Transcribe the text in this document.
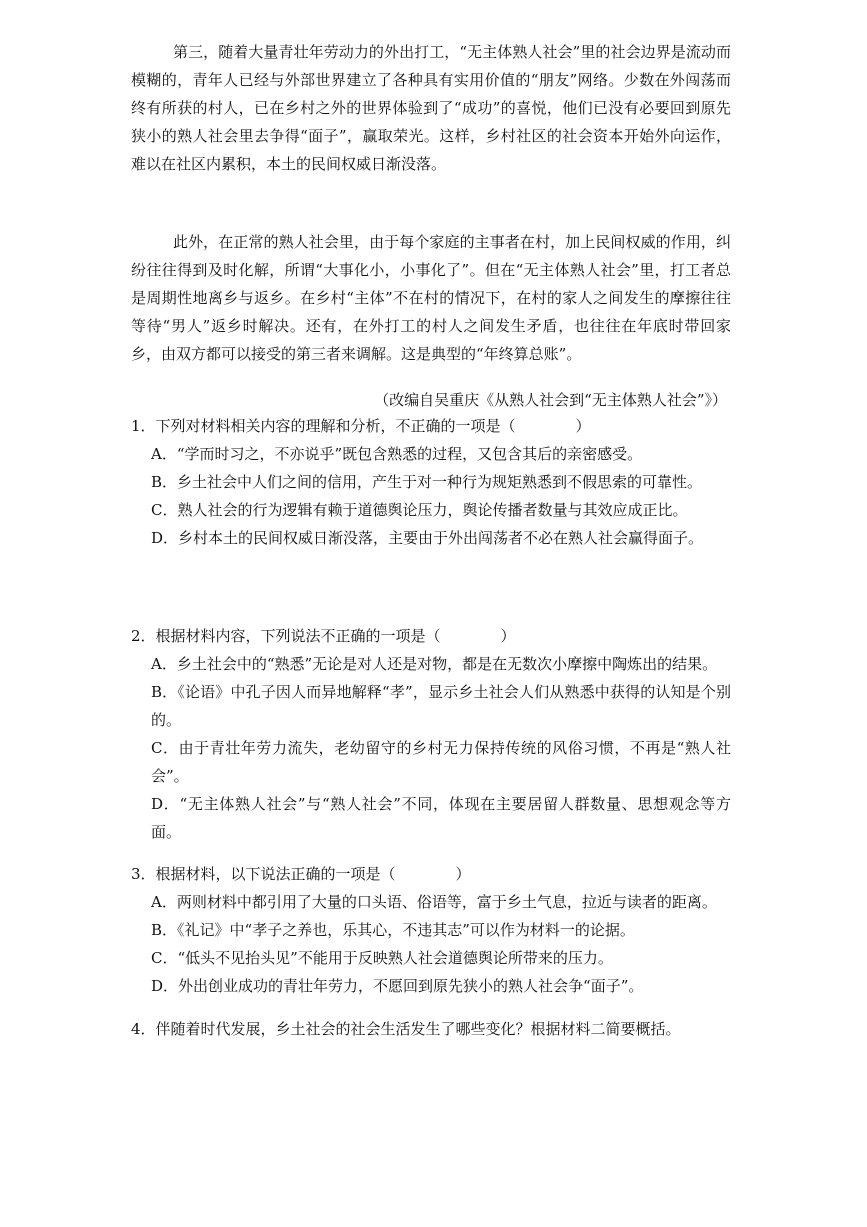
第三，随着大量青壮年劳动力的外出打工，“无主体熟人社会”里的社会边界是流动而模糊的，青年人已经与外部世界建立了各种具有实用价值的“朋友”网络。少数在外闯荡而终有所获的村人，已在乡村之外的世界体验到了“成功”的喜悦，他们已没有必要回到原先狭小的熟人社会里去争得“面子”，赢取荣光。这样，乡村社区的社会资本开始外向运作，难以在社区内累积，本土的民间权威日渐没落。

此外，在正常的熟人社会里，由于每个家庭的主事者在村，加上民间权威的作用，纠纷往往得到及时化解，所谓“大事化小，小事化了”。但在“无主体熟人社会”里，打工者总是周期性地离乡与返乡。在乡村“主体”不在村的情况下，在村的家人之间发生的摩擦往往等待“男人”返乡时解决。还有，在外打工的村人之间发生矛盾，也往往在年底时带回家乡，由双方都可以接受的第三者来调解。这是典型的“年终算总账”。

（改编自吴重庆《从熟人社会到“无主体熟人社会”》）

1．下列对材料相关内容的理解和分析，不正确的一项是（　　　　）

A．“学而时习之，不亦说乎”既包含熟悉的过程，又包含其后的亲密感受。

B．乡土社会中人们之间的信用，产生于对一种行为规矩熟悉到不假思索的可靠性。

C．熟人社会的行为逻辑有赖于道德舆论压力，舆论传播者数量与其效应成正比。

D．乡村本土的民间权威日渐没落，主要由于外出闯荡者不必在熟人社会赢得面子。

2．根据材料内容，下列说法不正确的一项是（　　　　）

A．乡土社会中的“熟悉”无论是对人还是对物，都是在无数次小摩擦中陶炼出的结果。

B．《论语》中孔子因人而异地解释“孝”，显示乡土社会人们从熟悉中获得的认知是个别的。

C．由于青壮年劳力流失，老幼留守的乡村无力保持传统的风俗习惯，不再是“熟人社会”。

D．“无主体熟人社会”与“熟人社会”不同，体现在主要居留人群数量、思想观念等方面。

3．根据材料，以下说法正确的一项是（　　　　）

A．两则材料中都引用了大量的口头语、俗语等，富于乡土气息，拉近与读者的距离。

B．《礼记》中“孝子之养也，乐其心，不违其志”可以作为材料一的论据。

C．“低头不见抬头见”不能用于反映熟人社会道德舆论所带来的压力。

D．外出创业成功的青壮年劳力，不愿回到原先狭小的熟人社会争“面子”。

4．伴随着时代发展，乡土社会的社会生活发生了哪些变化？根据材料二简要概括。
